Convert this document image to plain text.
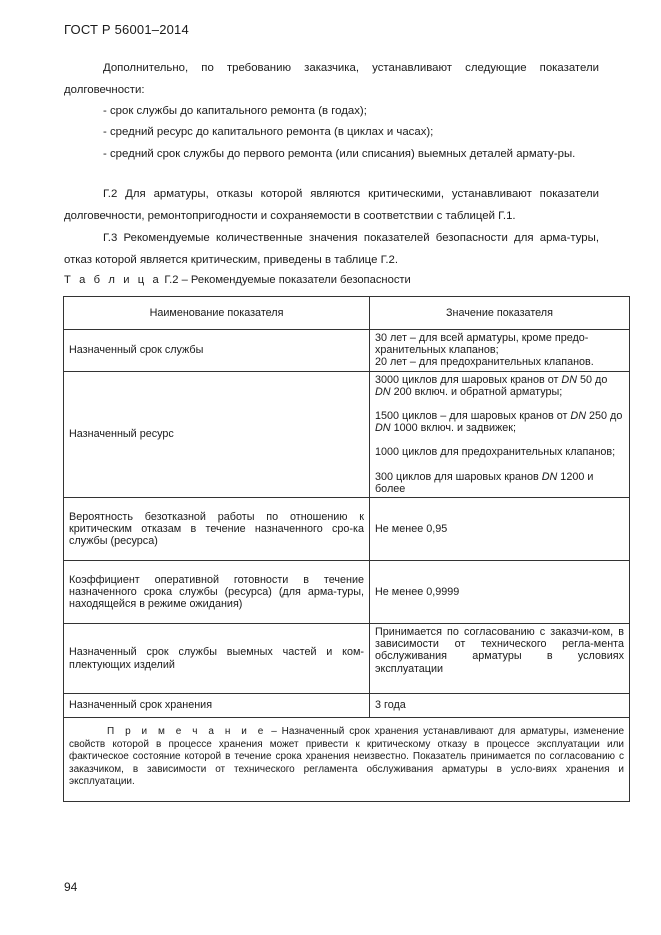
ГОСТ Р 56001–2014

Дополнительно, по требованию заказчика, устанавливают следующие показатели долговечности:

- срок службы до капитального ремонта (в годах);
- средний ресурс до капитального ремонта (в циклах и часах);

- средний срок службы до первого ремонта (или списания) выемных деталей армату-ры.

Г.2 Для арматуры, отказы которой являются критическими, устанавливают показатели долговечности, ремонтопригодности и сохраняемости в соответствии с таблицей Г.1.

Г.3 Рекомендуемые количественные значения показателей безопасности для арма-туры, отказ которой является критическим, приведены в таблице Г.2.

Т а б л и ц а Г.2 – Рекомендуемые показатели безопасности
Наименование показателя	Значение показателя
Назначенный срок службы	30 лет – для всей арматуры, кроме предо-хранительных клапанов;
20 лет – для предохранительных клапанов.

Назначенный ресурс	3000 циклов для шаровых кранов от DN 50 до DN 200 включ. и обратной арматуры;
1500 циклов – для шаровых кранов от DN 250 до DN 1000 включ. и задвижек;
1000 циклов для предохранительных клапанов;
300 циклов для шаровых кранов DN 1200 и более

Вероятность безотказной работы по отношению к критическим отказам в течение назначенного сро-ка службы (ресурса)	Не менее 0,95
Коэффициент оперативной готовности в течение назначенного срока службы (ресурса) (для арма-туры, находящейся в режиме ожидания)	Не менее 0,9999
Назначенный срок службы выемных частей и ком-плектующих изделий	Принимается по согласованию с заказчи-ком, в зависимости от технического регла-мента обслуживания арматуры в условиях эксплуатации
Назначенный срок хранения	3 года
П р и м е ч а н и е – Назначенный срок хранения устанавливают для арматуры, изменение свойств которой в процессе хранения может привести к критическому отказу в процессе эксплуатации или фактическое состояние которой в течение срока хранения неизвестно. Показатель принимается по согласованию с заказчиком, в зависимости от технического регламента обслуживания арматуры в усло-виях хранения и эксплуатации.	
94
